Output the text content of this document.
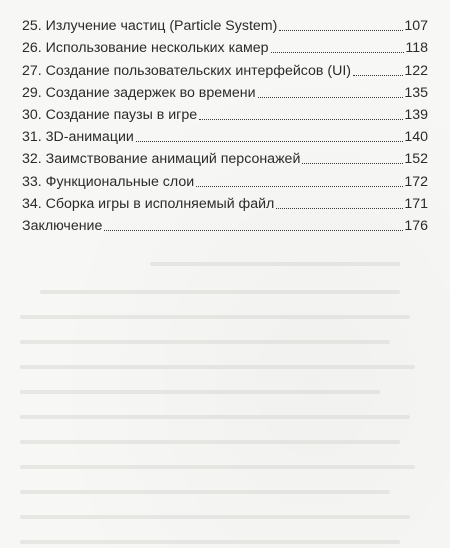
25. Излучение частиц (Particle System)	107
26. Использование нескольких камер	118
27. Создание пользовательских интерфейсов (UI)	122
29. Создание задержек во времени	135
30. Создание паузы в игре	139
31. 3D-анимации	140
32. Заимствование анимаций персонажей	152
33. Функциональные слои	172
34. Сборка игры в исполняемый файл	171
Заключение	176
